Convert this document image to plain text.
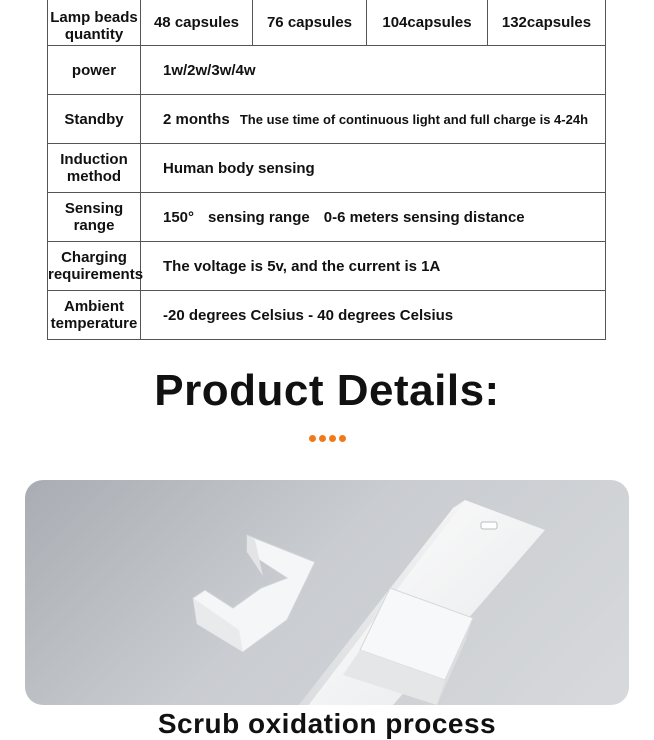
Lamp beads quantity	48 capsules	76 capsules	104capsules	132capsules
power	1w/2w/3w/4w			
Standby	2 months The use time of continuous light and full charge is 4-24h			
Induction method	Human body sensing			
Sensing range	150° sensing range 0-6 meters sensing distance			
Charging requirements	The voltage is 5v, and the current is 1A			
Ambient temperature	-20 degrees Celsius - 40 degrees Celsius			
Product Details:
Scrub oxidation process
